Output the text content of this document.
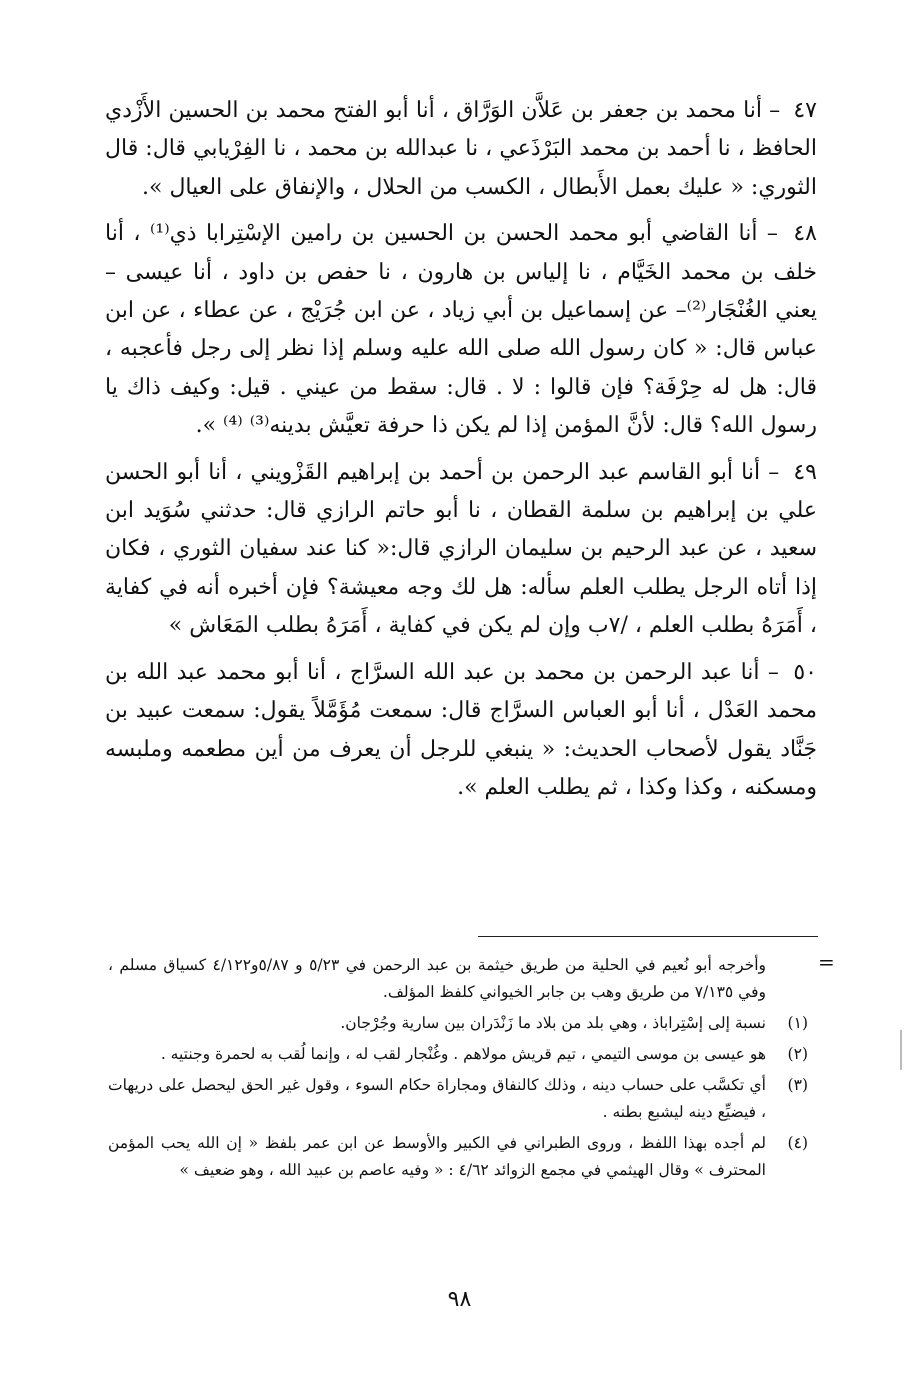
٤٧ – أنا محمد بن جعفر بن عَلاَّن الوَرَّاق ، أنا أبو الفتح محمد بن الحسين الأَزْدي الحافظ ، نا أحمد بن محمد البَرْذَعي ، نا عبدالله بن محمد ، نا الفِرْيابي قال: قال الثوري: « عليك بعمل الأَبطال ، الكسب من الحلال ، والإنفاق على العيال ».

٤٨ – أنا القاضي أبو محمد الحسن بن الحسين بن رامين الإسْتِرابا ذي⁽¹⁾ ، أنا خلف بن محمد الخَيَّام ، نا إلياس بن هارون ، نا حفص بن داود ، أنا عيسى – يعني الغُنْجَار⁽²⁾– عن إسماعيل بن أبي زياد ، عن ابن جُرَيْج ، عن عطاء ، عن ابن عباس قال: « كان رسول الله صلى الله عليه وسلم إذا نظر إلى رجل فأعجبه ، قال: هل له حِرْفَة؟ فإن قالوا : لا . قال: سقط من عيني . قيل: وكيف ذاك يا رسول الله؟ قال: لأنَّ المؤمن إذا لم يكن ذا حرفة تعيَّش بدينه⁽³⁾ ⁽⁴⁾ ».

٤٩ – أنا أبو القاسم عبد الرحمن بن أحمد بن إبراهيم القَزْويني ، أنا أبو الحسن علي بن إبراهيم بن سلمة القطان ، نا أبو حاتم الرازي قال: حدثني سُوَيد ابن سعيد ، عن عبد الرحيم بن سليمان الرازي قال:« كنا عند سفيان الثوري ، فكان إذا أتاه الرجل يطلب العلم سأله: هل لك وجه معيشة؟ فإن أخبره أنه في كفاية ، أَمَرَهُ بطلب العلم ، /٧ب وإن لم يكن في كفاية ، أَمَرَهُ بطلب المَعَاش »

٥٠ – أنا عبد الرحمن بن محمد بن عبد الله السرَّاج ، أنا أبو محمد عبد الله بن محمد العَدْل ، أنا أبو العباس السرَّاج قال: سمعت مُؤَمَّلاً يقول: سمعت عبيد بن جَنَّاد يقول لأصحاب الحديث: « ينبغي للرجل أن يعرف من أين مطعمه وملبسه ومسكنه ، وكذا وكذا ، ثم يطلب العلم ».

=
وأخرجه أبو نُعيم في الحلية من طريق خيثمة بن عبد الرحمن في ٥/٢٣ و ٥/٨٧و٤/١٢٢ كسياق مسلم ، وفي ٧/١٣٥ من طريق وهب بن جابر الخيواني كلفظ المؤلف.
(١)
نسبة إلى إسْتِراباذ ، وهي بلد من بلاد ما زَنْدَران بين سارية وجُرْجان.
(٢)
هو عيسى بن موسى التيمي ، تيم قريش مولاهم . وغُنْجار لقب له ، وإنما لُقب به لحمرة وجنتيه .
(٣)
أي تكسَّب على حساب دينه ، وذلك كالنفاق ومجاراة حكام السوء ، وقول غير الحق ليحصل على دريهات ، فيضيِّع دينه ليشبع بطنه .
(٤)
لم أجده بهذا اللفظ ، وروى الطبراني في الكبير والأوسط عن ابن عمر بلفظ « إن الله يحب المؤمن المحترف » وقال الهيثمي في مجمع الزوائد ٤/٦٢ : « وفيه عاصم بن عبيد الله ، وهو ضعيف »
٩٨
